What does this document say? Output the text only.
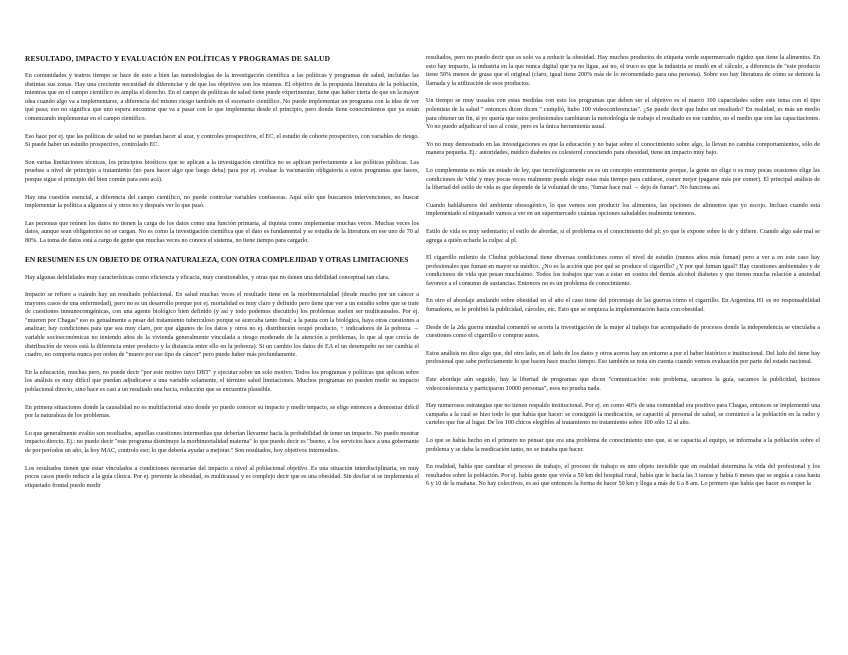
RESULTADO, IMPACTO Y EVALUACIÓN EN POLÍTICAS Y PROGRAMAS DE SALUD

En comunidades y teatros tiempo se hace de esto a bien las metodologías de la investigación científica a las políticas y programas de salud, incluidas las distintas sus zonas. Hay una creciente necesidad de diferenciar y de que los objetivos son los mismos. El objetivo de la propuesta literatura de la población, mientras que en el campo científico es amplia el derecho. En el campo de políticas de salud tiene puede experimentar, tiene que haber cierta de que en la mayor idea cuando algo va a implementarse, a diferencia del mismo riesgo también en el escenario científico. No puede implementar un programa con la idea de ver qué pasa; eso no significa que uno espera encontrar que va a pasar con lo que implementa desde el principio, pero donde tiene conocimientos que ya están comenzando implementar en el campo científico.

Eso hace por ej. que las políticas de salud no se puedan hacer al azar, y controles prospectivos, el EC, el estudio de cohorte prospectivo, con variables de riesgo. Si puede haber un estudio prospectivo, controlado EC.

Son varias limitaciones técnicas, los principios bioéticos que se aplican a la investigación científica no se aplican perfectamente a las políticas públicas. Las pruebas a nivel de principio a tratamiento (no para hacer algo que luego deba) para por ej. evaluar la vacunación obligatoria a estos programas que haces, porque sigue el principio del bien común para esto acá).

Hay una cuestión esencial, a diferencia del campo científico, no puede controlar variables confusoras. Aquí sólo que buscamos intervenciones, no buscar implementar la política a algunos sí y otros no y después ver lo que pasó.

Las personas que reúnen los datos no tienen la carga de los datos como una función primaria, al tiquista como implementar muchas veces. Muchas veces los datos, aunque sean obligatorios no se cargan. No es como la investigación científica que el dato es fundamental y se estudia de la literatura en ese uno de 70 al 80%. La toma de datos está a cargo de gente que muchas veces no conoce el sistema, no tiene tiempo para cargarlo.

EN RESUMEN ES UN OBJETO DE OTRA NATURALEZA, CON OTRA COMPLEJIDAD Y OTRAS LIMITACIONES

Hay algunas debilidades muy características como eficiencia y eficacia, muy cuestionables, y otras que no tienen una debilidad conceptual tan clara.

Impacto se refiere a cuándo hay un resultado poblacional. En salud muchas veces el resultado tiene en la morbimortalidad (desde mucho por un cáncer a mayores casos de una enfermedad), pero no es un desarrollo porque por ej. mortalidad es muy claro y definido pero tiene que ver a un estudio sobre que se trate de cuestiones inmunocomgénicas, con una agente biológico bien definido (y así y todo podemos discutirlo) los problemas suelen ser multicausales. Por ej. "mueren por Chagas" eso es getualmente a pesar del tratamiento tuberculoso porque se acercaba tanto final; a la pauta con la biológica, haya otras cuestiones a analizar; hay condiciones para que sea muy claro, por que algunos de los datos y otros no ej. distribución ocupó producto, + indicadores de la pobreza → variable socioeconómicas no teniendo años de la vivienda generalmente vinculada a riesgo moderado de la atención a problemas, lo que al que crecía de distribución de veces está la diferencia entre producto y la distancia entre ello en la pobreza). Si un cambio los datos de EA el un desempeño no ser cambia el cuadro, no comporta nunca por orden de "muere por ese tipo de cáncer" pero puede haber más profundamente.

En la educación, muchas pero, no puede decir "por este motivo tuvo DBT" y ejecutar sobre un solo motivo. Todos los programas y políticas que aplican sobre los análisis es muy difícil que puedan adjudicarse a una variable solamente, el término salud limitaciones. Muchos programas no pueden medir su impacto poblacional directo, sino hace es casi a un resultado una hacia, reducción que se encuentra plausible.

En primera situaciones donde la causalidad no es multifactorial sino donde yo puedo conocer su impacto y medir impacto, se elige entonces a demostrar difícil por la naturaleza de los problemas.

Lo que generalmente evalúo son resultados, aquellas cuestiones intermedias que deberían llevarme hacia la probabilidad de tener un impacto. No puedo mostrar impacto directo. Ej.: no puedo decir "este programa disminuye la morbimortalidad materna" lo que puedo decir es "bueno, a los servicios hace a una gobernante de por períodos un año, la hoy MAC, controlo eso; lo que debería ayudar a mejorar." Son resultados, hoy objetivos intermedios.

Los resultados tienen que estar vinculados a condiciones necesarias del impacto a nivel al poblacional objetivo. Es una situación interdisciplinaria, en muy pocos casos puedo reducir a la guía clínica. Por ej. prevenir la obesidad, es multicausal y es complejo decir que es una obesidad. Sin desfiar si se implementa el etiquetado frontal puedo medir

resultados, pero no puedo decir que es solo va a reducir la obesidad. Hay muchos productos de etiqueta verde supermercado rigidez que tiene la alimentos. En esto hay impacto, la industria en la que nunca digital que ya no ligue, así no, el truco es que la industria se mudó en el cálculo, a diferencia de "este producto tiene 50% menos de grasa que el original (claro, igual tiene 200% más de lo recomendado para una persona). Sobre eso hay literatura de cómo se demora la llamada y la utilización de esos productos.

Un tiempo se muy usuales con estas medidas con esto los programas que deben ser el objetivo es el marco 100 capacidades sobre este tema con el tipo polemista de la salud " entonces dicen dicen " cumplió, hubo 100 videoconferencias". ¿Se puede decir que hubo un resultado? En realidad, es más un medio para obtener un fin, si yo quería que estos profesionales cambiaran la metodología de trabajo el resultado es ese cambio, no el medio que son las capacitaciones. Yo no puedo adjudicar el uso al coste, pero es la única herramienta usual.

Yo no muy demostrado en las investigaciones es que la educación y no bajar sobre el conocimiento sobre algo, la llevan no cambia comportamientos, sólo de manera pequeña. Ej.: autoridades, médico diabetes es colesterol conociendo para obesidad, tiene un impacto muy bajo.

Lo complementa es más un estado de ley, que tecnológicamente es es un concepto enormemente porque, la gente no elige o es muy pocas ocasiones elige las condiciones de 'vida' y muy pocas veces realmente puede elegir estas más tiempo para cuidarse, comer mejor (pagarse más por comer). El principal análisis de la libertad del estilo de vida es que depende de la voluntad de uno, "fumar hace mal → dejo de fumar". No funciona así.

Cuando hablábamos del ambiente obesogénico, lo que vemos son producir los alimentos, las opciones de alimentos que yo escojo. Incluso cuando está implementado el etiquetado vamos a ver en un supermercado cuántas opciones saludables realmente tenemos.

Estilo de vida es muy sedentario; el estilo de abordar, si el problema es el conocimiento del pl; yo que le expone sobre lo de y difiere. Cuando algo sale mal se agrega a quién echarle la culpa: al pl.

El cigarrillo milenio de Chubut poblacional tiene diversas condiciones como el nivel de estudio (menos años más fuman) pero a ver a en este caso hay profesionales que fuman en mayor su médico. ¿No es la acción que por qué se produce el cigarrillo? ¿Y por qué fuman igual? Hay cuestiones ambientales y de condiciones de vida que pesan muchísimo. Todos los trabajos que van a estar en contra del demás alcohol diabetes y que tienen mucha relación a ansiedad favorece a el consumo de sustancias. Entonces no es un problema de conocimiento.

En otro el abordaje anulando sobre obesidad en el año el caso tiene del porcentaje de las guerras como el cigarrillo. En Argentina H1 es no responsabilidad fumadores, se le prohibió la publicidad, cárceles, etc. Esto que se empieza la implementación hacia con obesidad.

Desde de la 2da guerra mundial comenzó se acorta la investigación de la mujer al trabajo fue acompañado de procesos donde la independencia se vinculaba a cuestiones como el cigarrillo o comprar autos.

Estos análisis no dice algo que, del otro lado, en el lado de los datos y otros aceros hay un entorno a por el haber histórico e institucional. Del lado del tiene hay profesional que sabe perfectamente lo que hacen hace mucho tiempo. Eso también se nota sin cuenta cuando vemos evaluación por parte del estado nacional.

Este abordaje aún seguido, hay la libertad de programas que dicen "comunicación: este problema, sacamos la guía, sacamos la publicidad, hicimos videoconferencia y participaron 10000 personas", esos no prueba nada.

Hay numerosos estrategias que no tienen respaldo institucional. Por ej. en como 40% de una comunidad era positivo para Chagas, entonces se implementó una campaña a la cual se hizo todo lo que había que hacer: se consiguió la medicación, se capacitó al personal de salud, se comunicó a la población en la radio y carteles que fue al lugar. De los 100 chicos elegibles al tratamiento no tratamiento sobre 100 sólo 12 al año.

Lo que se había hecho en el primero no pensar que era una problema de conocimiento uno que, si se capacita al equipo, se informaba a la población sobre el problema y se daba la medicación tanto, no se trataba que hacer.

En realidad, había que cambiar el proceso de trabajo, el proceso de trabajo es uno objeto invisible que en realidad determina la vida del profesional y los resultados sobre la población. Por ej. había gente que vivía a 50 km del hospital rural, había que le hacía las 3 tareas y había 6 meses que se seguía a casa hasta 6 y 10 de la mañana. No hay colectivos, es así que entonces la forma de hacer 50 km y llega a más de 6 a 8 am. Lo primero que había que hacer es romper la
